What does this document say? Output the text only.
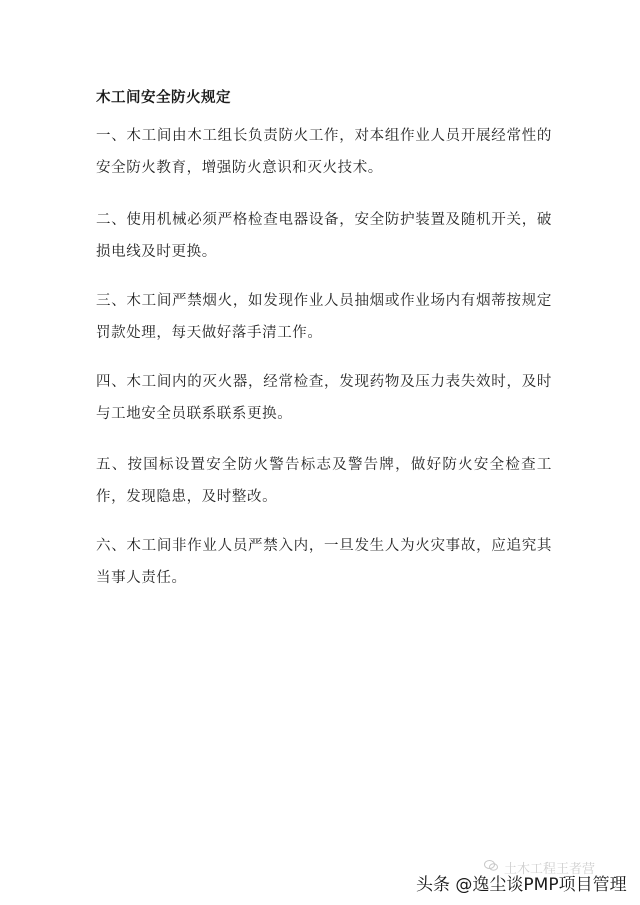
木工间安全防火规定
一、木工间由木工组长负责防火工作，对本组作业人员开展经常性的安全防火教育，增强防火意识和灭火技术。
二、使用机械必须严格检查电器设备，安全防护装置及随机开关，破损电线及时更换。
三、木工间严禁烟火，如发现作业人员抽烟或作业场内有烟蒂按规定罚款处理，每天做好落手清工作。
四、木工间内的灭火器，经常检查，发现药物及压力表失效时，及时与工地安全员联系联系更换。
五、按国标设置安全防火警告标志及警告牌，做好防火安全检查工作，发现隐患，及时整改。
六、木工间非作业人员严禁入内，一旦发生人为火灾事故，应追究其当事人责任。
土木工程王者营
头条 @逸尘谈PMP项目管理
